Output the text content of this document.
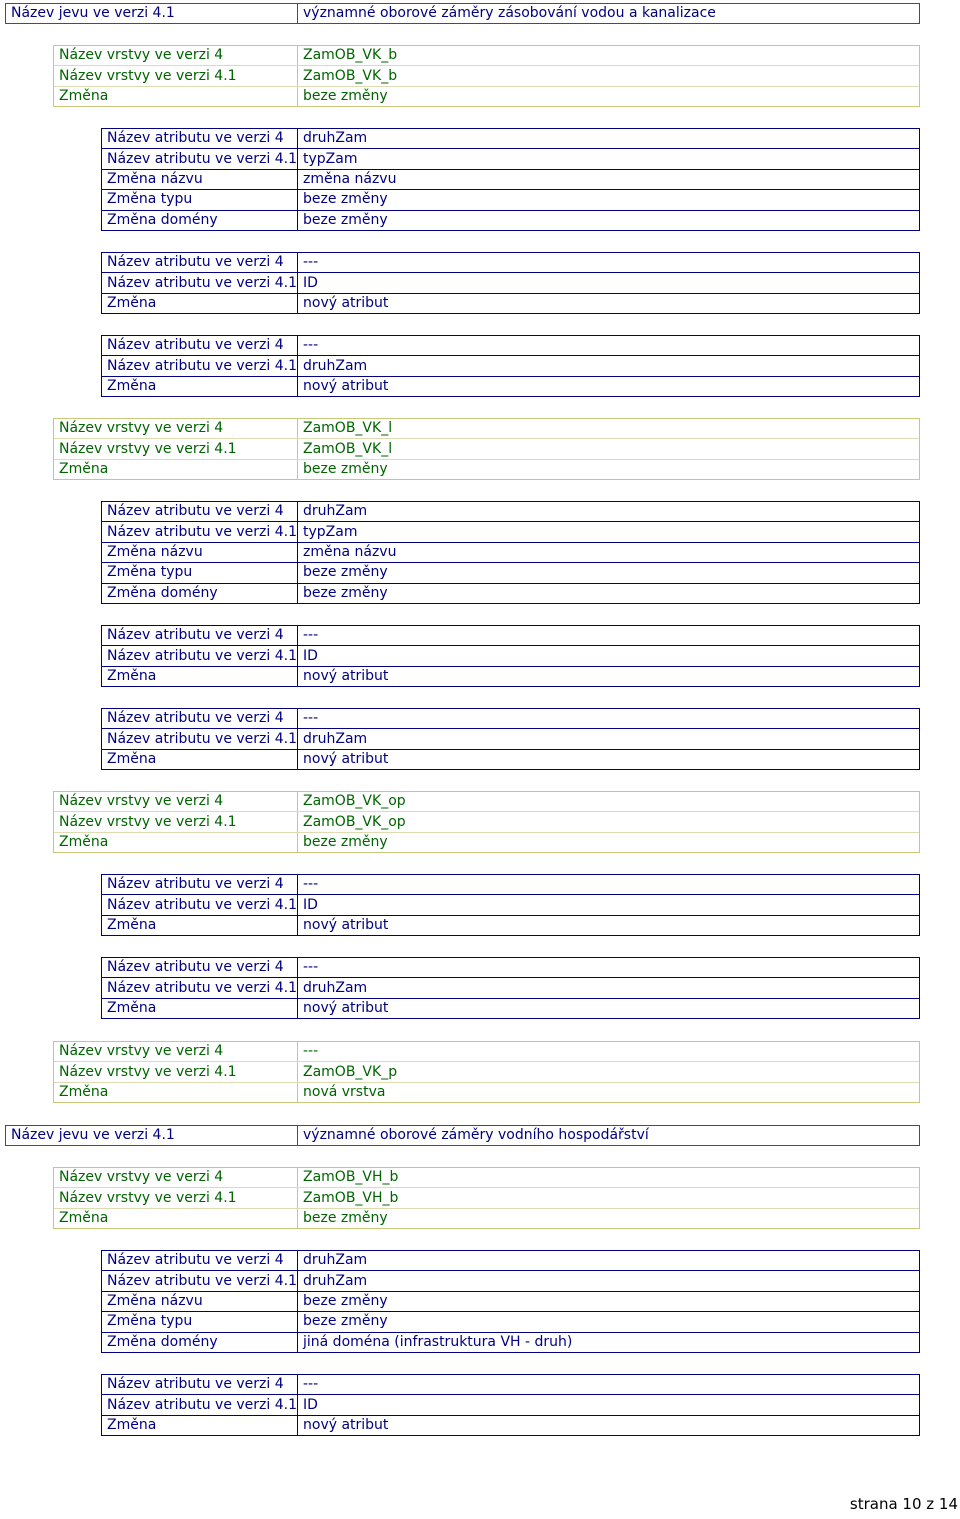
Název jevu ve verzi 4.1	významné oborové záměry zásobování vodou a kanalizace
Název vrstvy ve verzi 4	ZamOB_VK_b
Název vrstvy ve verzi 4.1	ZamOB_VK_b
Změna	beze změny
Název atributu ve verzi 4	druhZam
Název atributu ve verzi 4.1	typZam
Změna názvu	změna názvu
Změna typu	beze změny
Změna domény	beze změny
Název atributu ve verzi 4	---
Název atributu ve verzi 4.1	ID
Změna	nový atribut
Název atributu ve verzi 4	---
Název atributu ve verzi 4.1	druhZam
Změna	nový atribut
Název vrstvy ve verzi 4	ZamOB_VK_l
Název vrstvy ve verzi 4.1	ZamOB_VK_l
Změna	beze změny
Název atributu ve verzi 4	druhZam
Název atributu ve verzi 4.1	typZam
Změna názvu	změna názvu
Změna typu	beze změny
Změna domény	beze změny
Název atributu ve verzi 4	---
Název atributu ve verzi 4.1	ID
Změna	nový atribut
Název atributu ve verzi 4	---
Název atributu ve verzi 4.1	druhZam
Změna	nový atribut
Název vrstvy ve verzi 4	ZamOB_VK_op
Název vrstvy ve verzi 4.1	ZamOB_VK_op
Změna	beze změny
Název atributu ve verzi 4	---
Název atributu ve verzi 4.1	ID
Změna	nový atribut
Název atributu ve verzi 4	---
Název atributu ve verzi 4.1	druhZam
Změna	nový atribut
Název vrstvy ve verzi 4	---
Název vrstvy ve verzi 4.1	ZamOB_VK_p
Změna	nová vrstva
Název jevu ve verzi 4.1	významné oborové záměry vodního hospodářství
Název vrstvy ve verzi 4	ZamOB_VH_b
Název vrstvy ve verzi 4.1	ZamOB_VH_b
Změna	beze změny
Název atributu ve verzi 4	druhZam
Název atributu ve verzi 4.1	druhZam
Změna názvu	beze změny
Změna typu	beze změny
Změna domény	jiná doména (infrastruktura VH - druh)
Název atributu ve verzi 4	---
Název atributu ve verzi 4.1	ID
Změna	nový atribut
strana 10 z 14
